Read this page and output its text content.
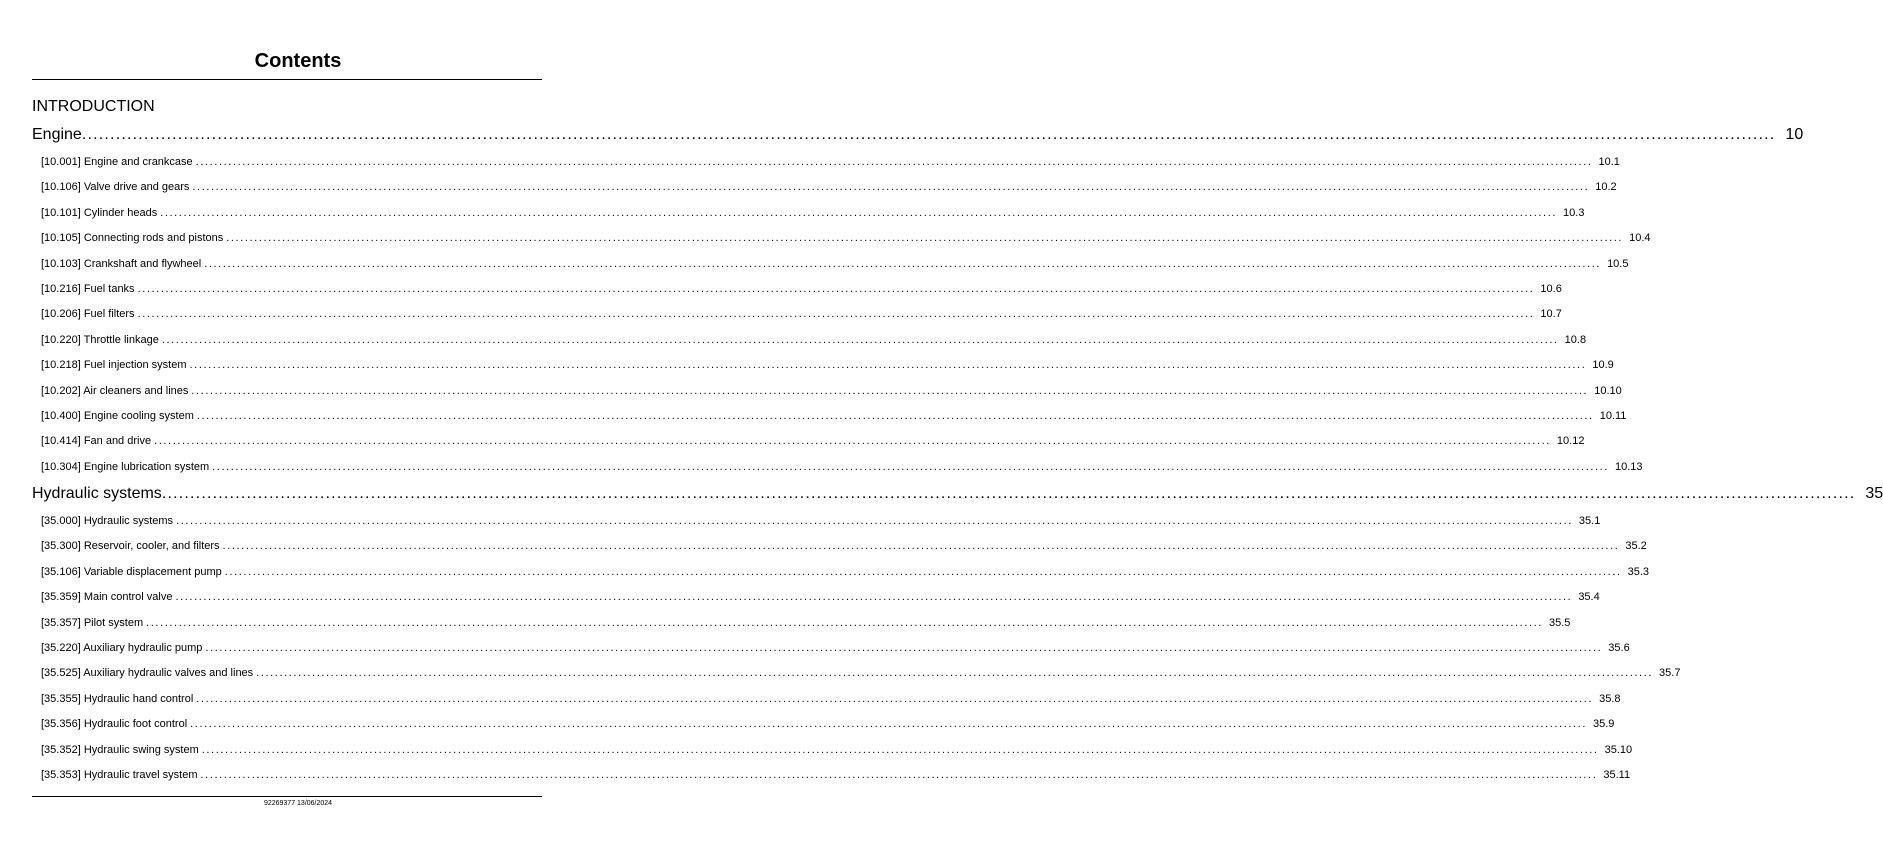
Contents
INTRODUCTION
Engine ............................................................................................................................................................................................................................................................................................................ 10
[10.001] Engine and crankcase ............................................................................................................................................................................................................................................................................................................ 10.1
[10.106] Valve drive and gears ............................................................................................................................................................................................................................................................................................................ 10.2
[10.101] Cylinder heads ............................................................................................................................................................................................................................................................................................................ 10.3
[10.105] Connecting rods and pistons ............................................................................................................................................................................................................................................................................................................ 10.4
[10.103] Crankshaft and flywheel ............................................................................................................................................................................................................................................................................................................ 10.5
[10.216] Fuel tanks ............................................................................................................................................................................................................................................................................................................ 10.6
[10.206] Fuel filters ............................................................................................................................................................................................................................................................................................................ 10.7
[10.220] Throttle linkage ............................................................................................................................................................................................................................................................................................................ 10.8
[10.218] Fuel injection system ............................................................................................................................................................................................................................................................................................................ 10.9
[10.202] Air cleaners and lines ............................................................................................................................................................................................................................................................................................................ 10.10
[10.400] Engine cooling system ............................................................................................................................................................................................................................................................................................................ 10.11
[10.414] Fan and drive ............................................................................................................................................................................................................................................................................................................ 10.12
[10.304] Engine lubrication system ............................................................................................................................................................................................................................................................................................................ 10.13
Hydraulic systems ............................................................................................................................................................................................................................................................................................................ 35
[35.000] Hydraulic systems ............................................................................................................................................................................................................................................................................................................ 35.1
[35.300] Reservoir, cooler, and filters ............................................................................................................................................................................................................................................................................................................ 35.2
[35.106] Variable displacement pump ............................................................................................................................................................................................................................................................................................................ 35.3
[35.359] Main control valve ............................................................................................................................................................................................................................................................................................................ 35.4
[35.357] Pilot system ............................................................................................................................................................................................................................................................................................................ 35.5
[35.220] Auxiliary hydraulic pump ............................................................................................................................................................................................................................................................................................................ 35.6
[35.525] Auxiliary hydraulic valves and lines ............................................................................................................................................................................................................................................................................................................ 35.7
[35.355] Hydraulic hand control ............................................................................................................................................................................................................................................................................................................ 35.8
[35.356] Hydraulic foot control ............................................................................................................................................................................................................................................................................................................ 35.9
[35.352] Hydraulic swing system ............................................................................................................................................................................................................................................................................................................ 35.10
[35.353] Hydraulic travel system ............................................................................................................................................................................................................................................................................................................ 35.11
92269377 13/06/2024
